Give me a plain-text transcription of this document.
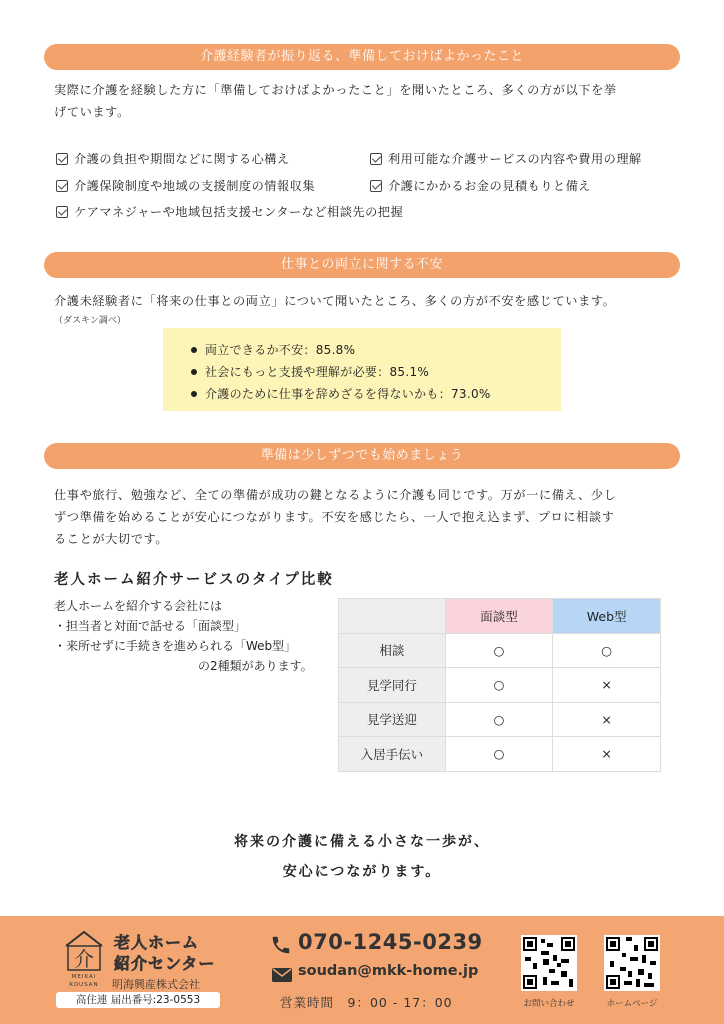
介護経験者が振り返る、準備しておけばよかったこと

実際に介護を経験した方に「準備しておけばよかったこと」を聞いたところ、多くの方が以下を挙
げています。

介護の負担や期間などに関する心構え	利用可能な介護サービスの内容や費用の理解
介護保険制度や地域の支援制度の情報収集	介護にかかるお金の見積もりと備え
ケアマネジャーや地域包括支援センターなど相談先の把握
仕事との両立に関する不安

介護未経験者に「将来の仕事との両立」について聞いたところ、多くの方が不安を感じています。

（ダスキン調べ）
両立できるか不安：85.8%
社会にもっと支援や理解が必要：85.1%
介護のために仕事を辞めざるを得ないかも：73.0%
準備は少しずつでも始めましょう

仕事や旅行、勉強など、全ての準備が成功の鍵となるように介護も同じです。万が一に備え、少し
ずつ準備を始めることが安心につながります。不安を感じたら、一人で抱え込まず、プロに相談す
ることが大切です。

老人ホーム紹介サービスのタイプ比較
老人ホームを紹介する会社には
・担当者と対面で話せる「面談型」
・来所せずに手続きを進められる「Web型」
の2種類があります。
	面談型	Web型
相談	○	○
見学同行	○	×
見学送迎	○	×
入居手伝い	○	×
将来の介護に備える小さな一歩が、
安心につながります。
介
MEIKAI
KOUSAN
老人ホーム
紹介センター
明海興産株式会社
高住連 届出番号:23-0553
070-1245-0239
soudan@mkk-home.jp
営業時間　9：00 - 17：00	お問い合わせ	ホームページ
